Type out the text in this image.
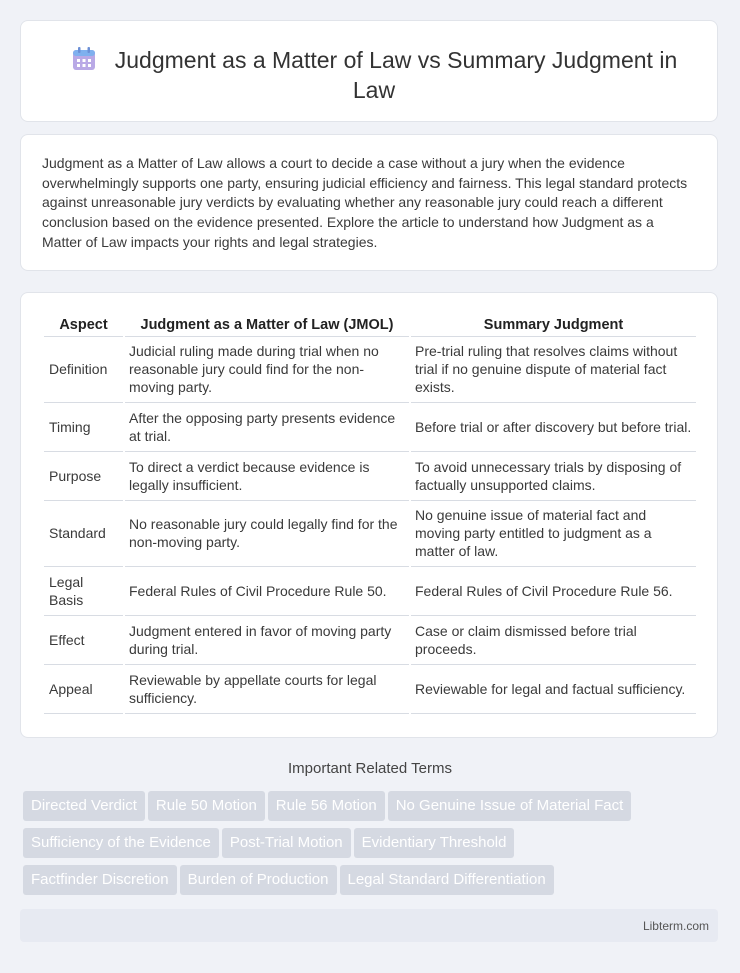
Judgment as a Matter of Law vs Summary Judgment in Law
Judgment as a Matter of Law allows a court to decide a case without a jury when the evidence overwhelmingly supports one party, ensuring judicial efficiency and fairness. This legal standard protects against unreasonable jury verdicts by evaluating whether any reasonable jury could reach a different conclusion based on the evidence presented. Explore the article to understand how Judgment as a Matter of Law impacts your rights and legal strategies.
Aspect	Judgment as a Matter of Law (JMOL)	Summary Judgment
Definition	Judicial ruling made during trial when no reasonable jury could find for the non-moving party.	Pre-trial ruling that resolves claims without trial if no genuine dispute of material fact exists.
Timing	After the opposing party presents evidence at trial.	Before trial or after discovery but before trial.
Purpose	To direct a verdict because evidence is legally insufficient.	To avoid unnecessary trials by disposing of factually unsupported claims.
Standard	No reasonable jury could legally find for the non-moving party.	No genuine issue of material fact and moving party entitled to judgment as a matter of law.
Legal Basis	Federal Rules of Civil Procedure Rule 50.	Federal Rules of Civil Procedure Rule 56.
Effect	Judgment entered in favor of moving party during trial.	Case or claim dismissed before trial proceeds.
Appeal	Reviewable by appellate courts for legal sufficiency.	Reviewable for legal and factual sufficiency.
Important Related Terms
Directed Verdict Rule 50 Motion Rule 56 Motion No Genuine Issue of Material Fact
Sufficiency of the Evidence Post-Trial Motion Evidentiary Threshold
Factfinder Discretion Burden of Production Legal Standard Differentiation
Libterm.com
